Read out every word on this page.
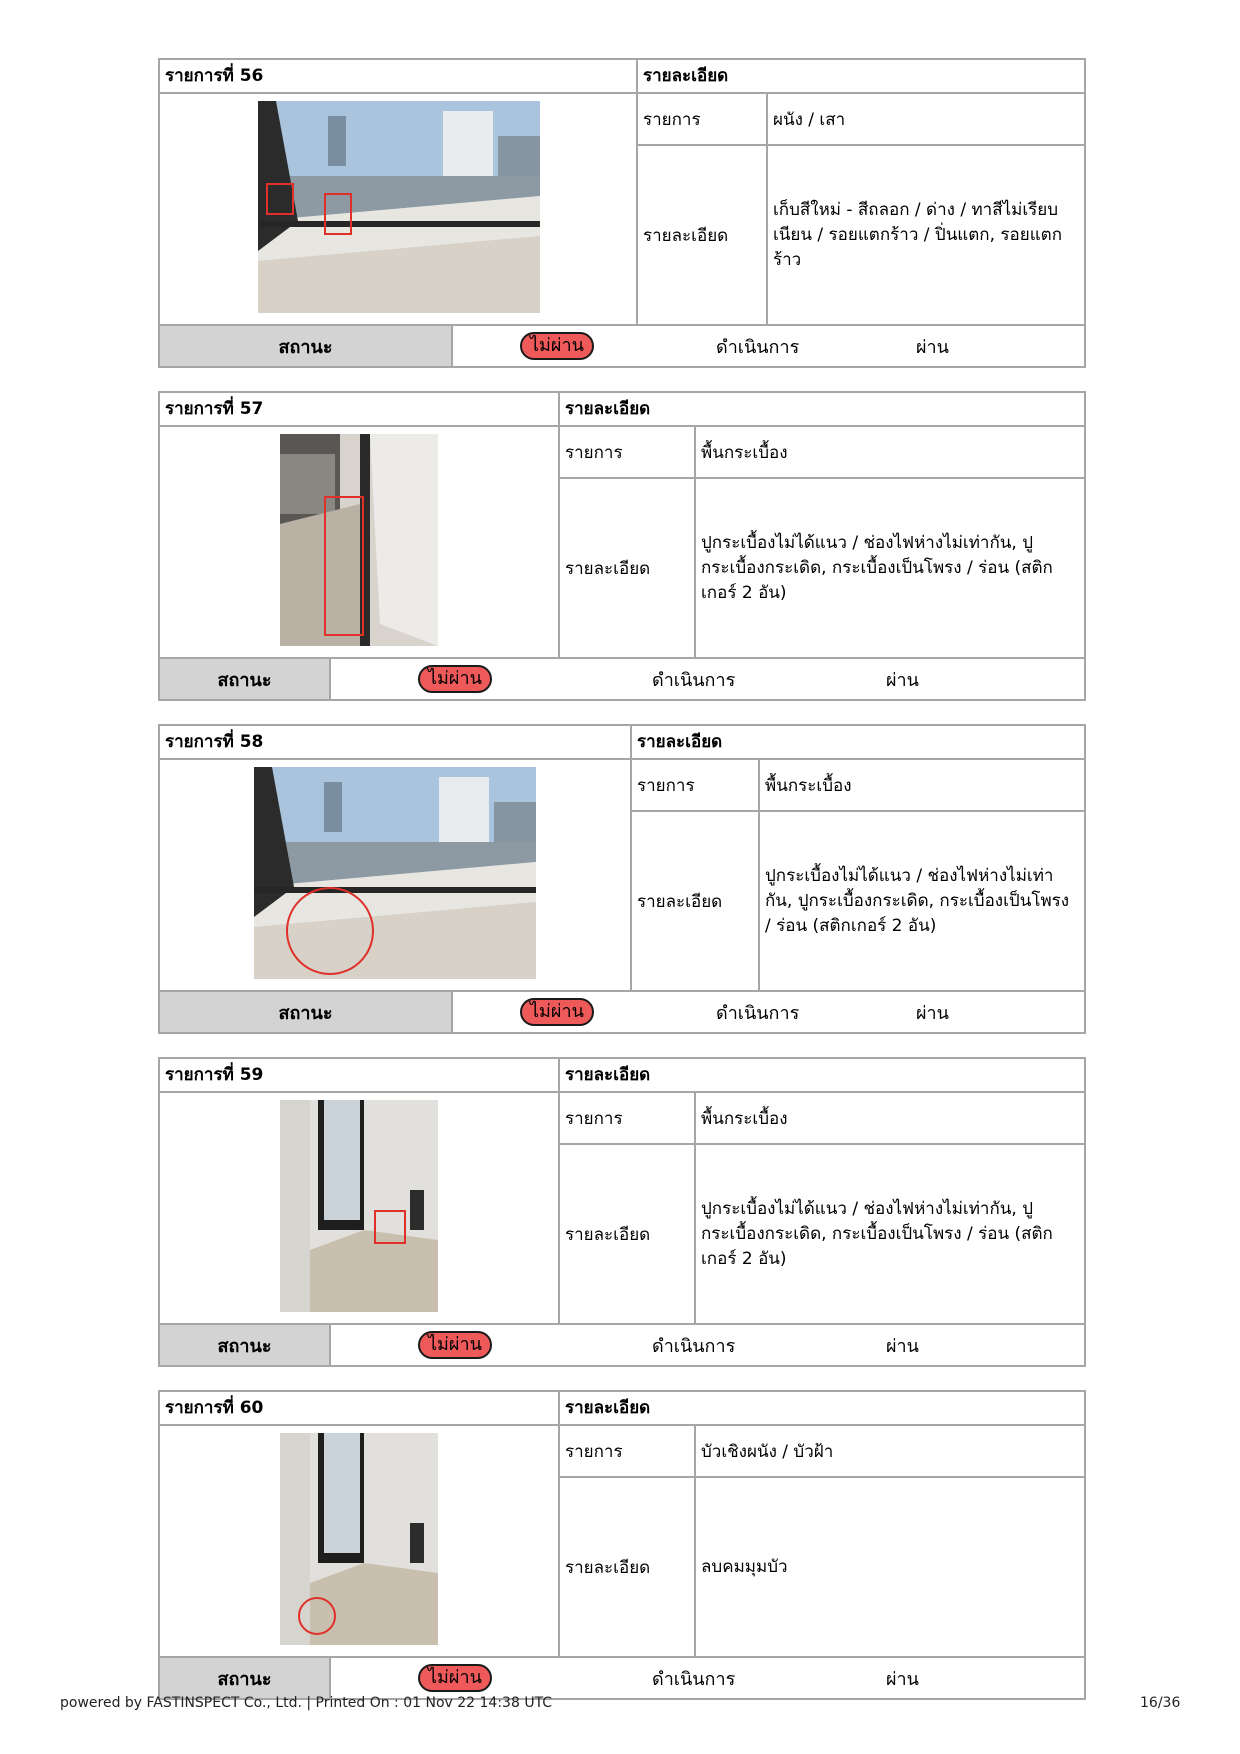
รายการที่ 56	รายละเอียด
รายการ	ผนัง / เสา
รายละเอียด
เก็บสีใหม่ - สีถลอก / ด่าง / ทาสีไม่เรียบเนียน / รอยแตกร้าว / ปิ่นแตก, รอยแตกร้าว
สถานะ	ไม่ผ่าน	ดำเนินการ	ผ่าน
รายการที่ 57	รายละเอียด
รายการ	พื้นกระเบื้อง
รายละเอียด
ปูกระเบื้องไม่ได้แนว / ช่องไฟห่างไม่เท่ากัน, ปูกระเบื้องกระเดิด, กระเบื้องเป็นโพรง / ร่อน (สติกเกอร์ 2 อัน)
สถานะ	ไม่ผ่าน	ดำเนินการ	ผ่าน
รายการที่ 58	รายละเอียด
รายการ	พื้นกระเบื้อง
รายละเอียด
ปูกระเบื้องไม่ได้แนว / ช่องไฟห่างไม่เท่ากัน, ปูกระเบื้องกระเดิด, กระเบื้องเป็นโพรง / ร่อน (สติกเกอร์ 2 อัน)
สถานะ	ไม่ผ่าน	ดำเนินการ	ผ่าน
รายการที่ 59	รายละเอียด
รายการ	พื้นกระเบื้อง
รายละเอียด
ปูกระเบื้องไม่ได้แนว / ช่องไฟห่างไม่เท่ากัน, ปูกระเบื้องกระเดิด, กระเบื้องเป็นโพรง / ร่อน (สติกเกอร์ 2 อัน)
สถานะ	ไม่ผ่าน	ดำเนินการ	ผ่าน
รายการที่ 60	รายละเอียด
รายการ	บัวเชิงผนัง / บัวฝ้า
รายละเอียด	ลบคมมุมบัว
สถานะ	ไม่ผ่าน	ดำเนินการ	ผ่าน
powered by FASTINSPECT Co., Ltd. | Printed On : 01 Nov 22 14:38 UTC	16/36
